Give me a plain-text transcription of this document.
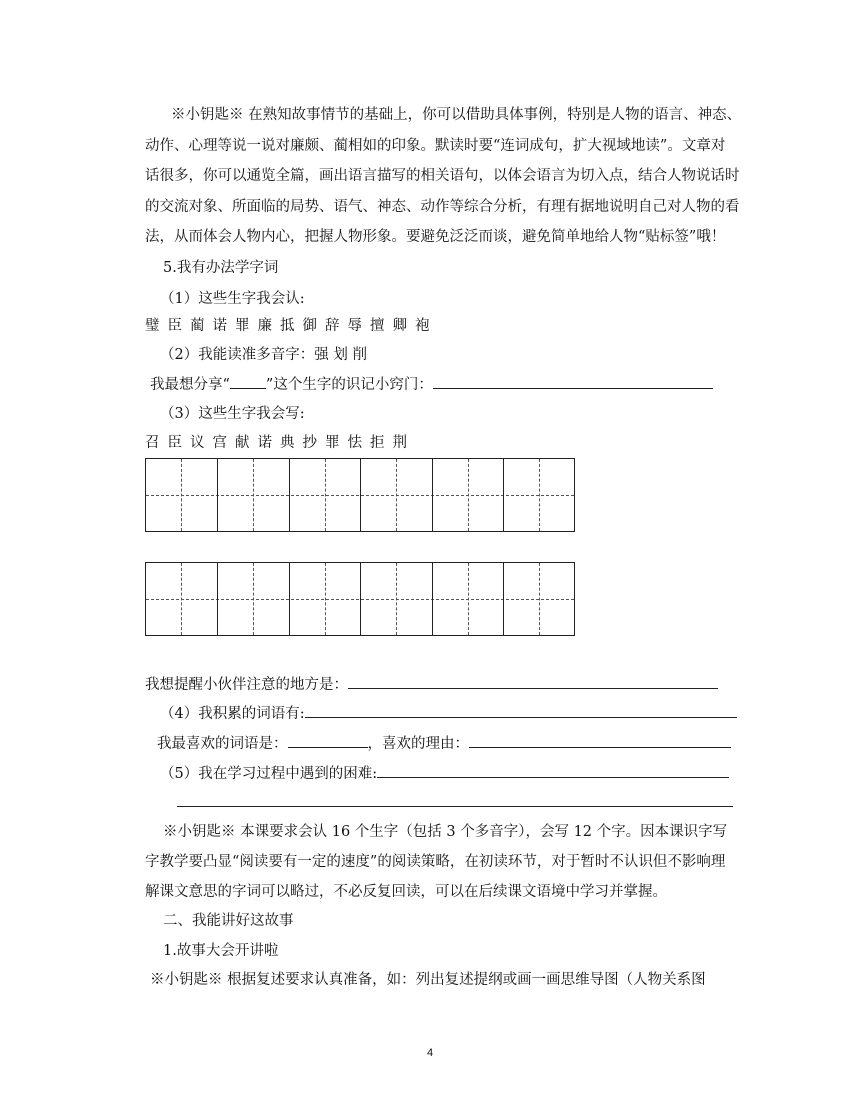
※小钥匙※ 在熟知故事情节的基础上，你可以借助具体事例，特别是人物的语言、神态、
动作、心理等说一说对廉颇、蔺相如的印象。默读时要“连词成句，扩大视域地读”。文章对
话很多，你可以通览全篇，画出语言描写的相关语句，以体会语言为切入点，结合人物说话时
的交流对象、所面临的局势、语气、神态、动作等综合分析，有理有据地说明自己对人物的看
法，从而体会人物内心，把握人物形象。要避免泛泛而谈，避免简单地给人物“贴标签”哦！
5.我有办法学字词
（1）这些生字我会认:
璧 臣 蔺 诺 罪 廉 抵 御 辞 辱 擅 卿 袍
（2）我能读准多音字：强 划 削
我最想分享“ ”这个生字的识记小窍门：
（3）这些生字我会写:
召 臣 议 宫 献 诺 典 抄 罪 怯 拒 荆
我想提醒小伙伴注意的地方是：
（4）我积累的词语有:
我最喜欢的词语是：	，喜欢的理由：
（5）我在学习过程中遇到的困难:
※小钥匙※ 本课要求会认 16 个生字（包括 3 个多音字），会写 12 个字。因本课识字写
字教学要凸显“阅读要有一定的速度”的阅读策略，在初读环节，对于暂时不认识但不影响理
解课文意思的字词可以略过，不必反复回读，可以在后续课文语境中学习并掌握。
二、我能讲好这故事
1.故事大会开讲啦
※小钥匙※ 根据复述要求认真准备，如：列出复述提纲或画一画思维导图（人物关系图
4
